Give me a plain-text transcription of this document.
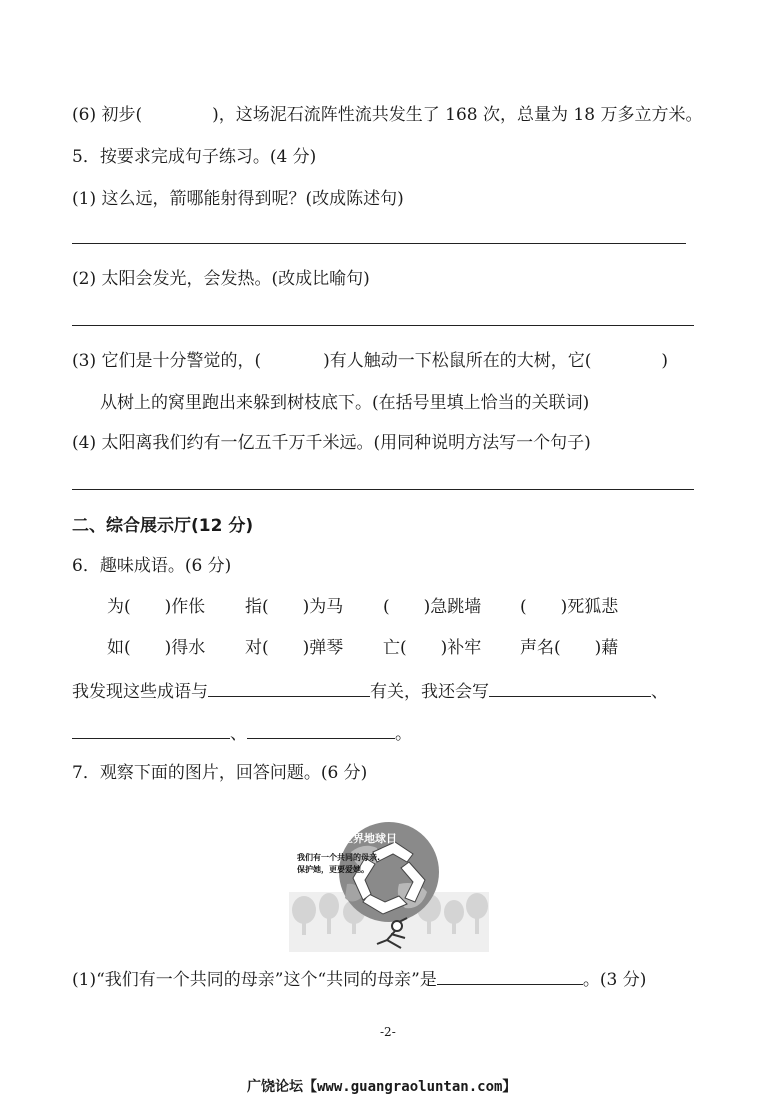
(6) 初步(	)，这场泥石流阵性流共发生了 168 次，总量为 18 万多立方米。
5．按要求完成句子练习。(4 分)
(1) 这么远，箭哪能射得到呢？(改成陈述句)
(2) 太阳会发光，会发热。(改成比喻句)
(3) 它们是十分警觉的，(	)有人触动一下松鼠所在的大树，它(	)
从树上的窝里跑出来躲到树枝底下。(在括号里填上恰当的关联词)
(4) 太阳离我们约有一亿五千万千米远。(用同种说明方法写一个句子)
二、综合展示厅(12 分)
6．趣味成语。(6 分)
为(　　)作伥 指(　　)为马 (　　)急跳墙 (　　)死狐悲
如(　　)得水 对(　　)弹琴 亡(　　)补牢 声名(　　)藉
我发现这些成语与	有关，我还会写	、
、	。
7．观察下面的图片，回答问题。(6 分)
4月22日世界地球日
我们有一个共同的母亲.
保护她，更要爱她。
(1)“我们有一个共同的母亲”这个“共同的母亲”是	。(3 分)
-2-
广饶论坛【www.guangraoluntan.com】
